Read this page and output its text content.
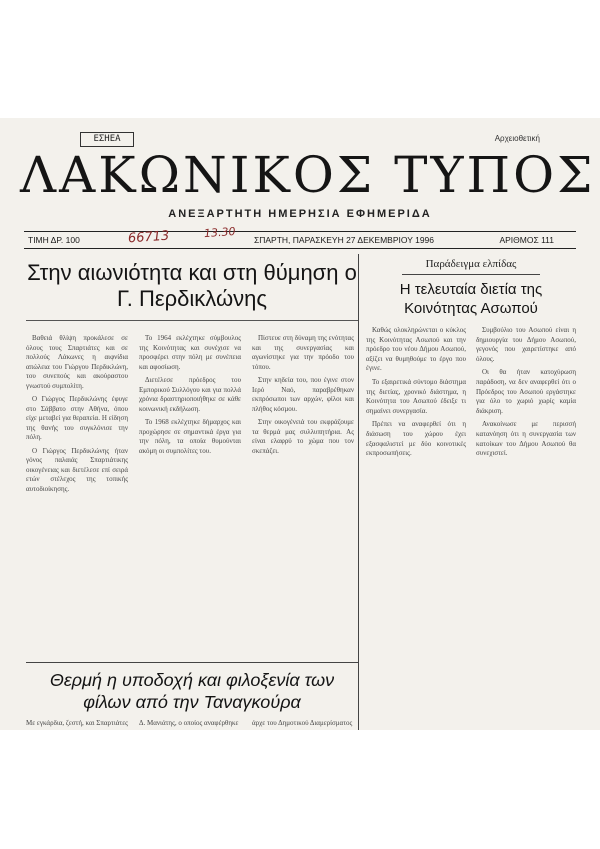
ΕΣΗΕΑ	Αρχειοθετική
ΛΑΚΩΝΙΚΟΣ ΤΥΠΟΣ
ΑΝΕΞΑΡΤΗΤΗ ΗΜΕΡΗΣΙΑ ΕΦΗΜΕΡΙΔΑ
ΤΙΜΗ ΔΡ. 100	ΣΠΑΡΤΗ, ΠΑΡΑΣΚΕΥΗ 27 ΔΕΚΕΜΒΡΙΟΥ 1996	ΑΡΙΘΜΟΣ 111
66713	13.30
Στην αιωνιότητα και στη θύμηση ο Γ. Περδικλώνης

Βαθειά θλίψη προκάλεσε σε όλους τους Σπαρτιάτες και σε πολλούς Λάκωνες η αιφνίδια απώλεια του Γιώργου Περδικλώνη, του συνεπούς και ακούραστου γνωστού συμπολίτη.

Ο Γιώργος Περδικλώνης έφυγε στο Σάββατο στην Αθήνα, όπου είχε μεταβεί για θεραπεία. Η είδηση της θανής του συγκλόνισε την πόλη.

Ο Γιώργος Περδικλώνης ήταν γόνος παλαιάς Σπαρτιάτικης οικογένειας και διετέλεσε επί σειρά ετών στέλεχος της τοπικής αυτοδιοίκησης.

Το 1964 εκλέχτηκε σύμβουλος της Κοινότητας και συνέχισε να προσφέρει στην πόλη με συνέπεια και αφοσίωση.

Διετέλεσε πρόεδρος του Εμπορικού Συλλόγου και για πολλά χρόνια δραστηριοποιήθηκε σε κάθε κοινωνική εκδήλωση.

Το 1968 εκλέχτηκε δήμαρχος και προχώρησε σε σημαντικά έργα για την πόλη, τα οποία θυμούνται ακόμη οι συμπολίτες του.

Πίστευε στη δύναμη της ενότητας και της συνεργασίας και αγωνίστηκε για την πρόοδο του τόπου.

Στην κηδεία του, που έγινε στον Ιερό Ναό, παραβρέθηκαν εκπρόσωποι των αρχών, φίλοι και πλήθος κόσμου.

Στην οικογένειά του εκφράζουμε τα θερμά μας συλλυπητήρια. Ας είναι ελαφρύ το χώμα που τον σκεπάζει.

Παράδειγμα ελπίδας
Η τελευταία διετία της Κοινότητας Ασωπού

Καθώς ολοκληρώνεται ο κύκλος της Κοινότητας Ασωπού και την πρόεδρο του νέου Δήμου Ασωπού, αξίζει να θυμηθούμε το έργο που έγινε.

Το εξαιρετικά σύντομο διάστημα της διετίας, χρονικό διάστημα, η Κοινότητα του Ασωπού έδειξε τι σημαίνει συνεργασία.

Πρέπει να αναφερθεί ότι η διάσωση του χώρου έχει εξασφαλιστεί με δύο κοινοτικές εκπροσωπήσεις.

Συμβούλιο του Ασωπού είναι η δημιουργία του Δήμου Ασωπού, γεγονός που χαιρετίστηκε από όλους.

Οι θα ήταν κατοχύρωση παράδοση, να δεν αναφερθεί ότι ο Πρόεδρος του Ασωπού εργάστηκε για όλο το χωριό χωρίς καμία διάκριση.

Ανακοίνωσε με περισσή κατανόηση ότι η συνεργασία των κατοίκων του Δήμου Ασωπού θα συνεχιστεί.

Θερμή η υποδοχή και φιλοξενία των φίλων από την Ταναγκούρα
Με εγκάρδια, ζεστή, και Σπαρτιάτες	Δ. Μανιάτης, ο οποίος αναφέρθηκε	άρχε του Δημοτικού Διαμερίσματος
